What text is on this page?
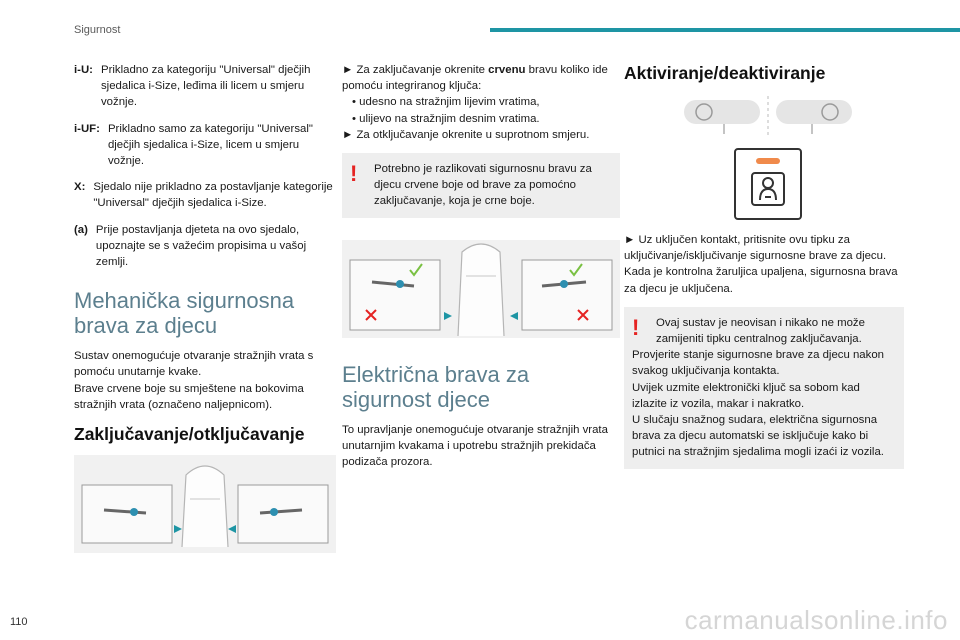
Sigurnost
i-U: Prikladno za kategoriju "Universal" dječjih sjedalica i-Size, leđima ili licem u smjeru vožnje.
i-UF: Prikladno samo za kategoriju "Universal" dječjih sjedalica i-Size, licem u smjeru vožnje.
X: Sjedalo nije prikladno za postavljanje kategorije "Universal" dječjih sjedalica i-Size.
(a) Prije postavljanja djeteta na ovo sjedalo, upoznajte se s važećim propisima u vašoj zemlji.
Mehanička sigurnosna brava za djecu
Sustav onemogućuje otvaranje stražnjih vrata s pomoću unutarnje kvake.
Brave crvene boje su smještene na bokovima stražnjih vrata (označeno naljepnicom).
Zaključavanje/otključavanje
► Za zaključavanje okrenite crvenu bravu koliko ide pomoću integriranog ključa:
• udesno na stražnjim lijevim vratima,
• ulijevo na stražnjim desnim vratima.
► Za otključavanje okrenite u suprotnom smjeru.
!	Potrebno je razlikovati sigurnosnu bravu za djecu crvene boje od brave za pomoćno zaključavanje, koja je crne boje.
Električna brava za sigurnost djece
To upravljanje onemogućuje otvaranje stražnjih vrata unutarnjim kvakama i upotrebu stražnjih prekidača podizača prozora.
Aktiviranje/deaktiviranje
► Uz uključen kontakt, pritisnite ovu tipku za uključivanje/isključivanje sigurnosne brave za djecu.
Kada je kontrolna žaruljica upaljena, sigurnosna brava za djecu je uključena.
!	Ovaj sustav je neovisan i nikako ne može zamijeniti tipku centralnog zaključavanja.
Provjerite stanje sigurnosne brave za djecu nakon svakog uključivanja kontakta.
Uvijek uzmite elektronički ključ sa sobom kad izlazite iz vozila, makar i nakratko.
U slučaju snažnog sudara, električna sigurnosna brava za djecu automatski se isključuje kako bi putnici na stražnjim sjedalima mogli izaći iz vozila.
110	carmanualsonline.info
